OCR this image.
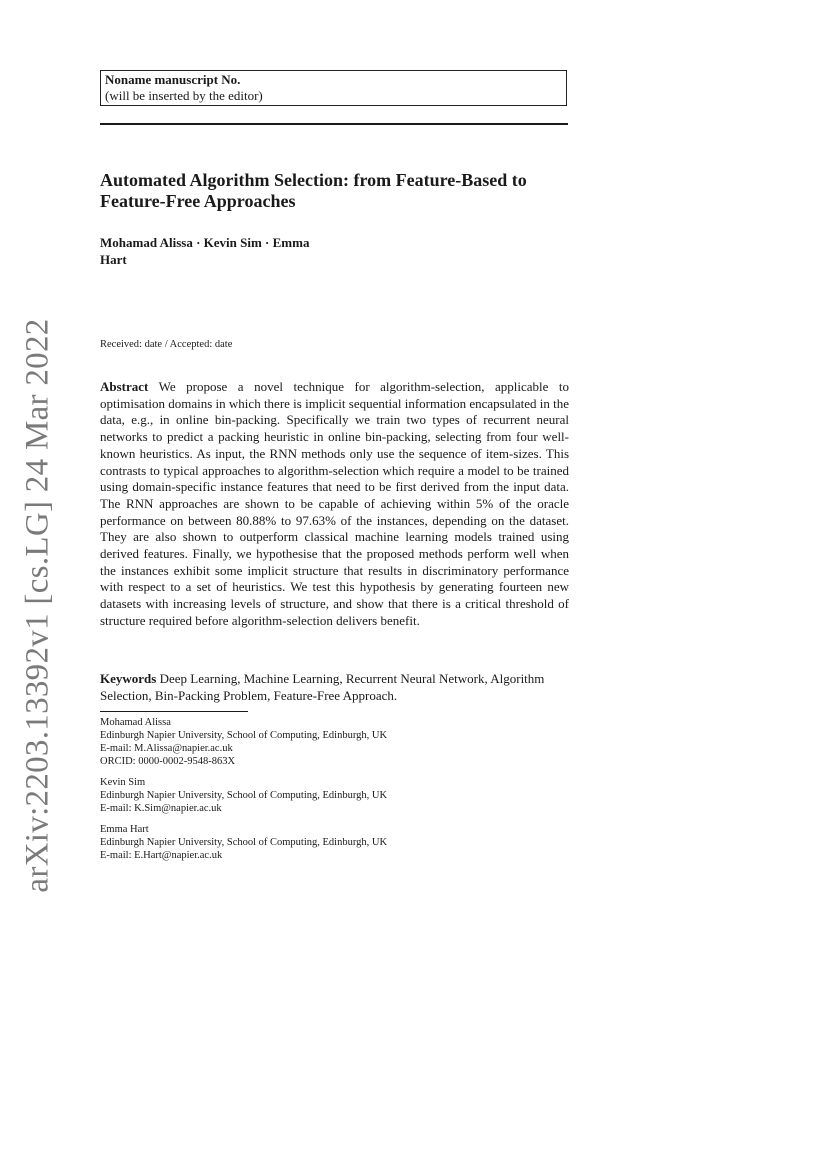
arXiv:2203.13392v1 [cs.LG] 24 Mar 2022
Noname manuscript No.
(will be inserted by the editor)
Automated Algorithm Selection: from Feature-Based to Feature-Free Approaches
Mohamad Alissa · Kevin Sim · Emma
Hart
Received: date / Accepted: date

Abstract We propose a novel technique for algorithm-selection, applicable to optimisation domains in which there is implicit sequential information encapsulated in the data, e.g., in online bin-packing. Specifically we train two types of recurrent neural networks to predict a packing heuristic in online bin-packing, selecting from four well-known heuristics. As input, the RNN methods only use the sequence of item-sizes. This contrasts to typical approaches to algorithm-selection which require a model to be trained using domain-specific instance features that need to be first derived from the input data. The RNN approaches are shown to be capable of achieving within 5% of the oracle performance on between 80.88% to 97.63% of the instances, depending on the dataset. They are also shown to outperform classical machine learning models trained using derived features. Finally, we hypothesise that the proposed methods perform well when the instances exhibit some implicit structure that results in discriminatory performance with respect to a set of heuristics. We test this hypothesis by generating fourteen new datasets with increasing levels of structure, and show that there is a critical threshold of structure required before algorithm-selection delivers benefit.

Keywords Deep Learning, Machine Learning, Recurrent Neural Network, Algorithm Selection, Bin-Packing Problem, Feature-Free Approach.

Mohamad Alissa
Edinburgh Napier University, School of Computing, Edinburgh, UK
E-mail: M.Alissa@napier.ac.uk
ORCID: 0000-0002-9548-863X
Kevin Sim
Edinburgh Napier University, School of Computing, Edinburgh, UK
E-mail: K.Sim@napier.ac.uk
Emma Hart
Edinburgh Napier University, School of Computing, Edinburgh, UK
E-mail: E.Hart@napier.ac.uk
